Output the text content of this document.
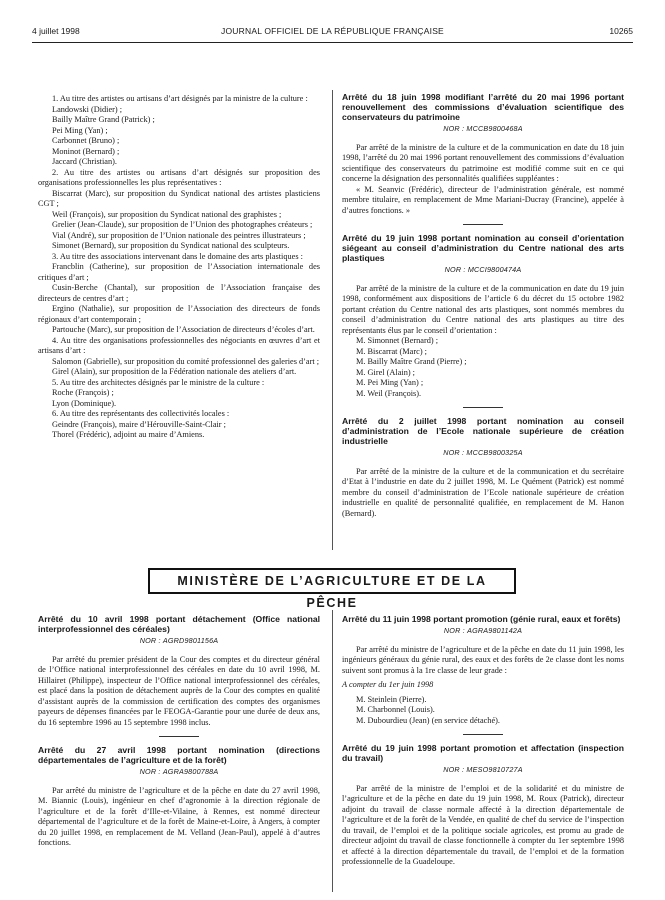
4 juillet 1998	JOURNAL OFFICIEL DE LA RÉPUBLIQUE FRANÇAISE	10265

1. Au titre des artistes ou artisans d’art désignés par la ministre de la culture :

Landowski (Didier) ;

Bailly Maître Grand (Patrick) ;

Pei Ming (Yan) ;

Carbonnet (Bruno) ;

Moninot (Bernard) ;

Jaccard (Christian).

2. Au titre des artistes ou artisans d’art désignés sur proposition des organisations professionnelles les plus représentatives :

Biscarrat (Marc), sur proposition du Syndicat national des artistes plasticiens CGT ;

Weil (François), sur proposition du Syndicat national des graphistes ;

Grelier (Jean-Claude), sur proposition de l’Union des photographes créateurs ;

Vial (André), sur proposition de l’Union nationale des peintres illustrateurs ;

Simonet (Bernard), sur proposition du Syndicat national des sculpteurs.

3. Au titre des associations intervenant dans le domaine des arts plastiques :

Francblin (Catherine), sur proposition de l’Association internationale des critiques d’art ;

Cusin-Berche (Chantal), sur proposition de l’Association française des directeurs de centres d’art ;

Ergino (Nathalie), sur proposition de l’Association des directeurs de fonds régionaux d’art contemporain ;

Partouche (Marc), sur proposition de l’Association de directeurs d’écoles d’art.

4. Au titre des organisations professionnelles des négociants en œuvres d’art et artisans d’art :

Salomon (Gabrielle), sur proposition du comité professionnel des galeries d’art ;

Girel (Alain), sur proposition de la Fédération nationale des ateliers d’art.

5. Au titre des architectes désignés par le ministre de la culture :

Roche (François) ;

Lyon (Dominique).

6. Au titre des représentants des collectivités locales :

Geindre (François), maire d’Hérouville-Saint-Clair ;

Thorel (Frédéric), adjoint au maire d’Amiens.

Arrêté du 18 juin 1998 modifiant l’arrêté du 20 mai 1996 portant renouvellement des commissions d’évaluation scientifique des conservateurs du patrimoine

NOR : MCCB9800468A

Par arrêté de la ministre de la culture et de la communication en date du 18 juin 1998, l’arrêté du 20 mai 1996 portant renouvellement des commissions d’évaluation scientifique des conservateurs du patrimoine est modifié comme suit en ce qui concerne la désignation des personnalités qualifiées suppléantes :

« M. Seanvic (Frédéric), directeur de l’administration générale, est nommé membre titulaire, en remplacement de Mme Mariani-Ducray (Francine), appelée à d’autres fonctions. »

Arrêté du 19 juin 1998 portant nomination au conseil d’orientation siégeant au conseil d’administration du Centre national des arts plastiques

NOR : MCCI9800474A

Par arrêté de la ministre de la culture et de la communication en date du 19 juin 1998, conformément aux dispositions de l’article 6 du décret du 15 octobre 1982 portant création du Centre national des arts plastiques, sont nommés membres du conseil d’administration du Centre national des arts plastiques au titre des représentants élus par le conseil d’orientation :

M. Simonnet (Bernard) ;

M. Biscarrat (Marc) ;

M. Bailly Maître Grand (Pierre) ;

M. Girel (Alain) ;

M. Pei Ming (Yan) ;

M. Weil (François).

Arrêté du 2 juillet 1998 portant nomination au conseil d’administration de l’Ecole nationale supérieure de création industrielle

NOR : MCCB9800325A

Par arrêté de la ministre de la culture et de la communication et du secrétaire d’Etat à l’industrie en date du 2 juillet 1998, M. Le Quément (Patrick) est nommé membre du conseil d’administration de l’Ecole nationale supérieure de création industrielle en qualité de personnalité qualifiée, en remplacement de M. Hanon (Bernard).

MINISTÈRE DE L’AGRICULTURE ET DE LA PÊCHE

Arrêté du 10 avril 1998 portant détachement (Office national interprofessionnel des céréales)

NOR : AGRD9801156A

Par arrêté du premier président de la Cour des comptes et du directeur général de l’Office national interprofessionnel des céréales en date du 10 avril 1998, M. Hillairet (Philippe), inspecteur de l’Office national interprofessionnel des céréales, est placé dans la position de détachement auprès de la Cour des comptes en qualité d’assistant auprès de la commission de certification des comptes des organismes payeurs de dépenses financées par le FEOGA-Garantie pour une durée de deux ans, du 16 septembre 1996 au 15 septembre 1998 inclus.

Arrêté du 27 avril 1998 portant nomination (directions départementales de l’agriculture et de la forêt)

NOR : AGRA9800788A

Par arrêté du ministre de l’agriculture et de la pêche en date du 27 avril 1998, M. Biannic (Louis), ingénieur en chef d’agronomie à la direction régionale de l’agriculture et de la forêt d’Ille-et-Vilaine, à Rennes, est nommé directeur départemental de l’agriculture et de la forêt de Maine-et-Loire, à Angers, à compter du 20 juillet 1998, en remplacement de M. Velland (Jean-Paul), appelé à d’autres fonctions.

Arrêté du 11 juin 1998 portant promotion (génie rural, eaux et forêts)

NOR : AGRA9801142A

Par arrêté du ministre de l’agriculture et de la pêche en date du 11 juin 1998, les ingénieurs généraux du génie rural, des eaux et des forêts de 2e classe dont les noms suivent sont promus à la 1re classe de leur grade :

A compter du 1er juin 1998

M. Steinlein (Pierre).

M. Charbonnel (Louis).

M. Dubourdieu (Jean) (en service détaché).

Arrêté du 19 juin 1998 portant promotion et affectation (inspection du travail)

NOR : MESO9810727A

Par arrêté de la ministre de l’emploi et de la solidarité et du ministre de l’agriculture et de la pêche en date du 19 juin 1998, M. Roux (Patrick), directeur adjoint du travail de classe normale affecté à la direction départementale de l’agriculture et de la forêt de la Vendée, en qualité de chef du service de l’inspection du travail, de l’emploi et de la politique sociale agricoles, est promu au grade de directeur adjoint du travail de classe fonctionnelle à compter du 1er septembre 1998 et affecté à la direction départementale du travail, de l’emploi et de la formation professionnelle de la Guadeloupe.
